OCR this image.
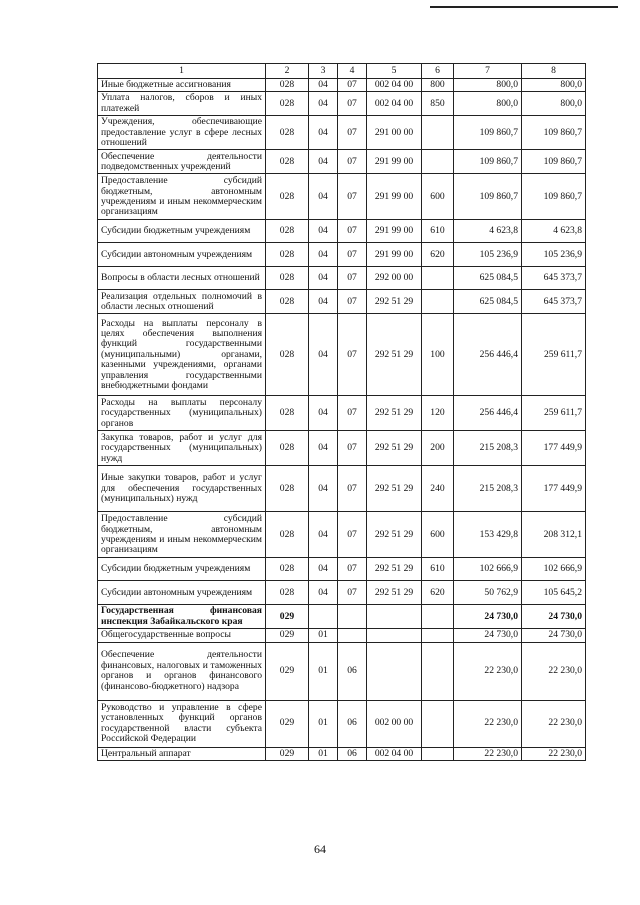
1	2	3	4	5	6	7	8
Иные бюджетные ассигнования	028	04	07	002 04 00	800	800,0	800,0
Уплата налогов, сборов и иных платежей	028	04	07	002 04 00	850	800,0	800,0
Учреждения, обеспечивающие предоставление услуг в сфере лесных отношений	028	04	07	291 00 00		109 860,7	109 860,7
Обеспечение деятельности подведомственных учреждений	028	04	07	291 99 00		109 860,7	109 860,7
Предоставление субсидий бюджетным, автономным учреждениям и иным некоммерческим организациям	028	04	07	291 99 00	600	109 860,7	109 860,7
Субсидии бюджетным учреждениям	028	04	07	291 99 00	610	4 623,8	4 623,8
Субсидии автономным учреждениям	028	04	07	291 99 00	620	105 236,9	105 236,9
Вопросы в области лесных отношений	028	04	07	292 00 00		625 084,5	645 373,7
Реализация отдельных полномочий в области лесных отношений	028	04	07	292 51 29		625 084,5	645 373,7
Расходы на выплаты персоналу в целях обеспечения выполнения функций государственными (муниципальными) органами, казенными учреждениями, органами управления государственными внебюджетными фондами	028	04	07	292 51 29	100	256 446,4	259 611,7
Расходы на выплаты персоналу государственных (муниципальных) органов	028	04	07	292 51 29	120	256 446,4	259 611,7
Закупка товаров, работ и услуг для государственных (муниципальных) нужд	028	04	07	292 51 29	200	215 208,3	177 449,9
Иные закупки товаров, работ и услуг для обеспечения государственных (муниципальных) нужд	028	04	07	292 51 29	240	215 208,3	177 449,9
Предоставление субсидий бюджетным, автономным учреждениям и иным некоммерческим организациям	028	04	07	292 51 29	600	153 429,8	208 312,1
Субсидии бюджетным учреждениям	028	04	07	292 51 29	610	102 666,9	102 666,9
Субсидии автономным учреждениям	028	04	07	292 51 29	620	50 762,9	105 645,2
Государственная финансовая инспекция Забайкальского края	029					24 730,0	24 730,0
Общегосударственные вопросы	029	01				24 730,0	24 730,0
Обеспечение деятельности финансовых, налоговых и таможенных органов и органов финансового (финансово-бюджетного) надзора	029	01	06			22 230,0	22 230,0
Руководство и управление в сфере установленных функций органов государственной власти субъекта Российской Федерации	029	01	06	002 00 00		22 230,0	22 230,0
Центральный аппарат	029	01	06	002 04 00		22 230,0	22 230,0
64
